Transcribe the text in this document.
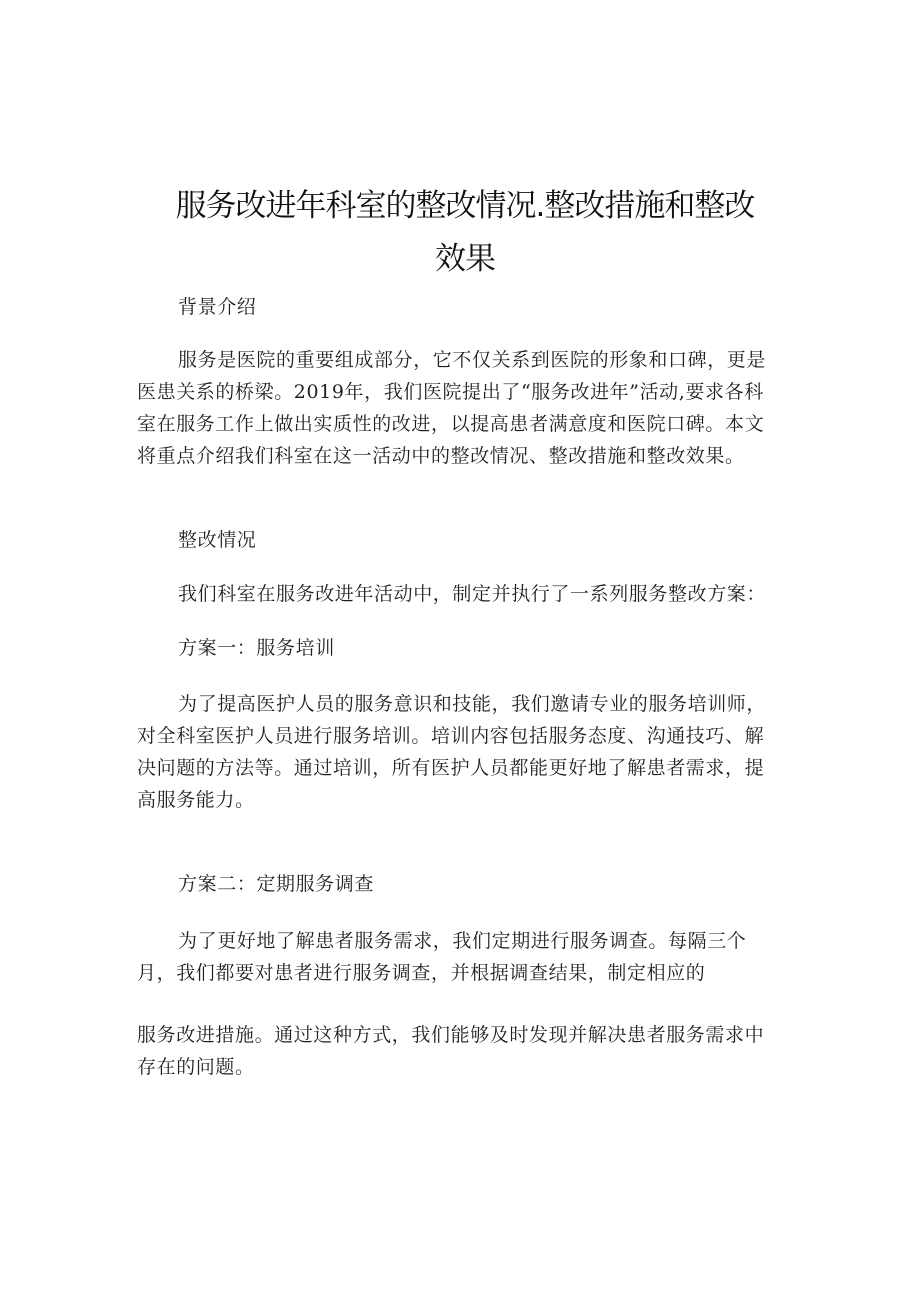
服务改进年科室的整改情况.整改措施和整改
效果

背景介绍

服务是医院的重要组成部分，它不仅关系到医院的形象和口碑，更是
医患关系的桥梁。2019年，我们医院提出了“服务改进年”活动,要求各科
室在服务工作上做出实质性的改进，以提高患者满意度和医院口碑。本文
将重点介绍我们科室在这一活动中的整改情况、整改措施和整改效果。

整改情况

我们科室在服务改进年活动中，制定并执行了一系列服务整改方案：

方案一：服务培训

为了提高医护人员的服务意识和技能，我们邀请专业的服务培训师，
对全科室医护人员进行服务培训。培训内容包括服务态度、沟通技巧、解
决问题的方法等。通过培训，所有医护人员都能更好地了解患者需求，提
高服务能力。

方案二：定期服务调查

为了更好地了解患者服务需求，我们定期进行服务调查。每隔三个
月，我们都要对患者进行服务调查，并根据调查结果，制定相应的
服务改进措施。通过这种方式，我们能够及时发现并解决患者服务需求中
存在的问题。
